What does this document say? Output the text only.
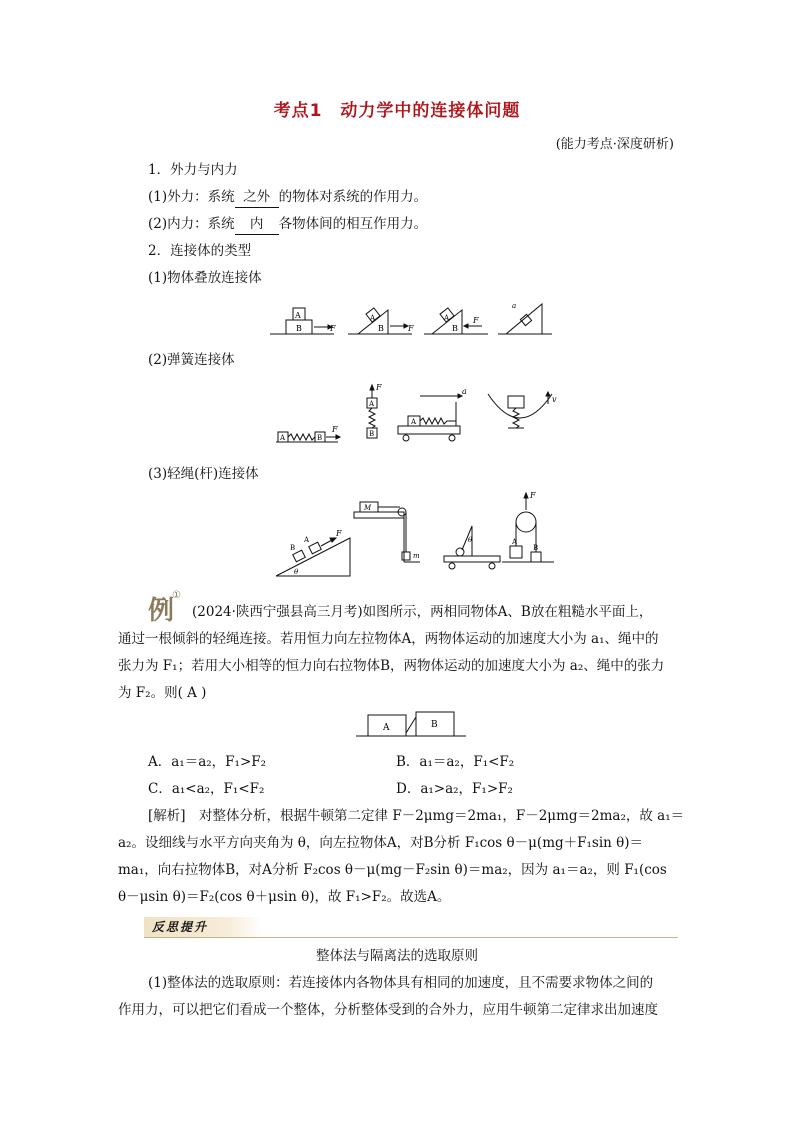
考点1　动力学中的连接体问题
(能力考点·深度研析)
1．外力与内力
(1)外力：系统 之外 的物体对系统的作用力。
(2)内力：系统 内 各物体间的相互作用力。
2．连接体的类型
(1)物体叠放连接体
A
B	F
A
B	F
A
B
F
a
(2)弹簧连接体
A	B
F
F
A
B
A
a
v
(3)轻绳(杆)连接体
B
A
F
θ
M
m
θ
F
A
B
例
①
(2024·陕西宁强县高三月考)如图所示，两相同物体A、B放在粗糙水平面上，
通过一根倾斜的轻绳连接。若用恒力向左拉物体A，两物体运动的加速度大小为 a₁、绳中的
张力为 F₁；若用大小相等的恒力向右拉物体B，两物体运动的加速度大小为 a₂、绳中的张力
为 F₂。则( A )
A	B
A．a₁＝a₂，F₁>F₂	B．a₁＝a₂，F₁<F₂
C．a₁<a₂，F₁<F₂	D．a₁>a₂，F₁>F₂
[解析]　对整体分析，根据牛顿第二定律 F－2μmg＝2ma₁，F－2μmg＝2ma₂，故 a₁＝
a₂。设细线与水平方向夹角为 θ，向左拉物体A，对B分析 F₁cos θ－μ(mg＋F₁sin θ)＝
ma₁，向右拉物体B，对A分析 F₂cos θ－μ(mg－F₂sin θ)＝ma₂，因为 a₁＝a₂，则 F₁(cos
θ－μsin θ)＝F₂(cos θ＋μsin θ)，故 F₁>F₂。故选A。
反思提升
整体法与隔离法的选取原则
(1)整体法的选取原则：若连接体内各物体具有相同的加速度，且不需要求物体之间的
作用力，可以把它们看成一个整体，分析整体受到的合外力，应用牛顿第二定律求出加速度
